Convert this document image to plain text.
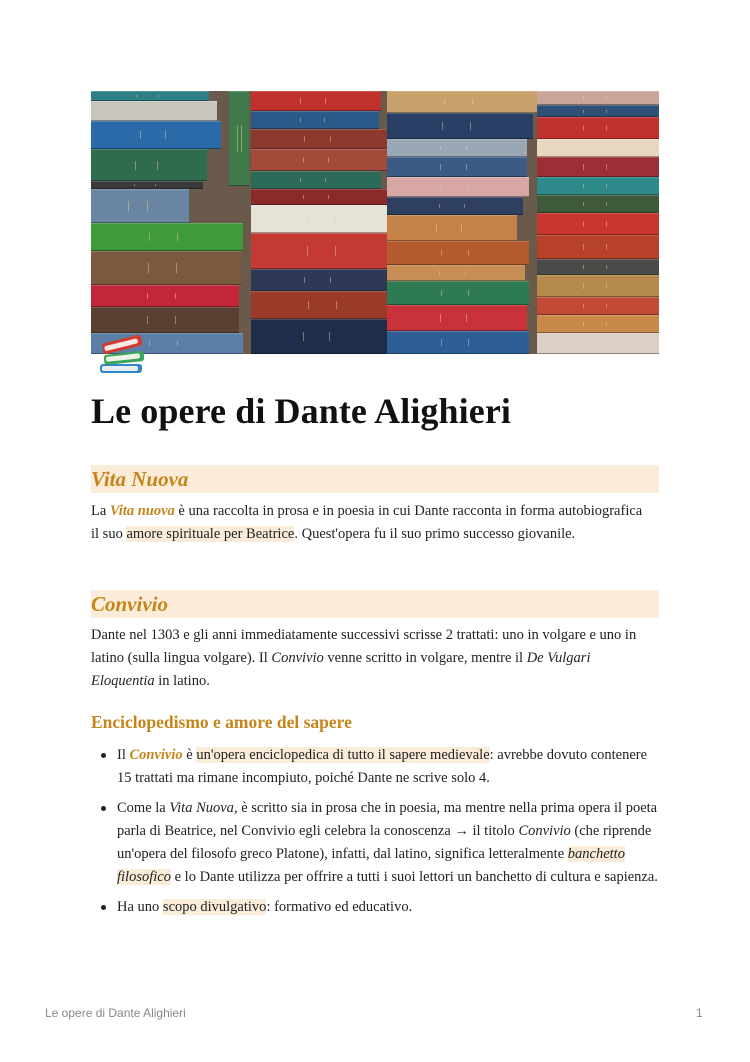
Le opere di Dante Alighieri
Vita Nuova

La Vita nuova è una raccolta in prosa e in poesia in cui Dante racconta in forma autobiografica il suo amore spirituale per Beatrice. Quest'opera fu il suo primo successo giovanile.

Convivio

Dante nel 1303 e gli anni immediatamente successivi scrisse 2 trattati: uno in volgare e uno in latino (sulla lingua volgare). Il Convivio venne scritto in volgare, mentre il De Vulgari Eloquentia in latino.

Enciclopedismo e amore del sapere
Il Convivio è un'opera enciclopedica di tutto il sapere medievale: avrebbe dovuto contenere 15 trattati ma rimane incompiuto, poiché Dante ne scrive solo 4.
Come la Vita Nuova, è scritto sia in prosa che in poesia, ma mentre nella prima opera il poeta parla di Beatrice, nel Convivio egli celebra la conoscenza → il titolo Convivio (che riprende un'opera del filosofo greco Platone), infatti, dal latino, significa letteralmente banchetto filosofico e lo Dante utilizza per offrire a tutti i suoi lettori un banchetto di cultura e sapienza.
Ha uno scopo divulgativo: formativo ed educativo.
Le opere di Dante Alighieri	1
